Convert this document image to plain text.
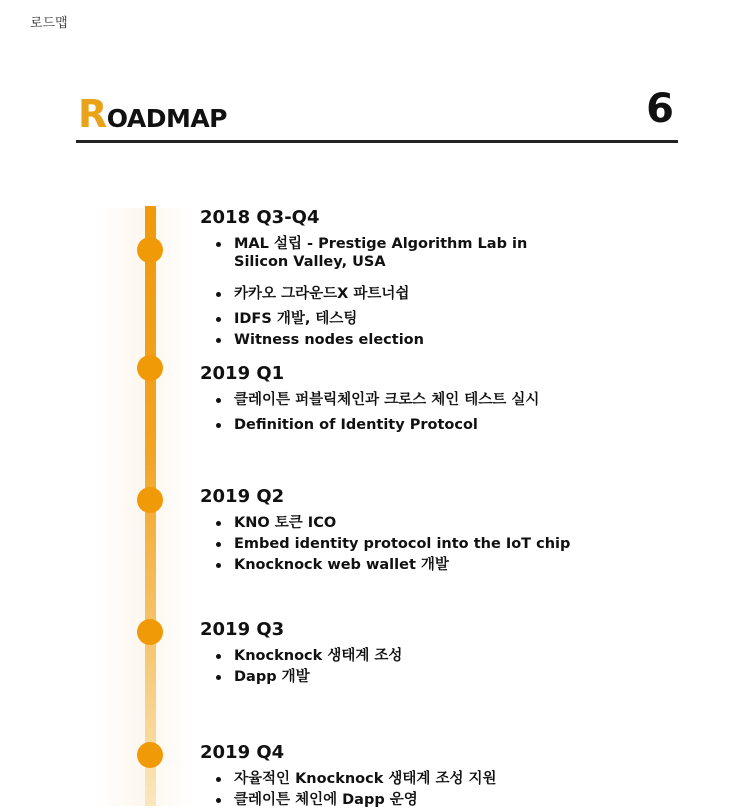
로드맵
ROADMAP	6
2018 Q3-Q4
MAL 설립 - Prestige Algorithm Lab in Silicon Valley, USA
카카오 그라운드X 파트너쉽
IDFS 개발, 테스팅
Witness nodes election
2019 Q1
클레이튼 퍼블릭체인과 크로스 체인 테스트 실시
Definition of Identity Protocol
2019 Q2
KNO 토큰 ICO
Embed identity protocol into the IoT chip
Knocknock web wallet 개발
2019 Q3
Knocknock 생태계 조성
Dapp 개발
2019 Q4
자율적인 Knocknock 생태계 조성 지원
클레이튼 체인에 Dapp 운영
